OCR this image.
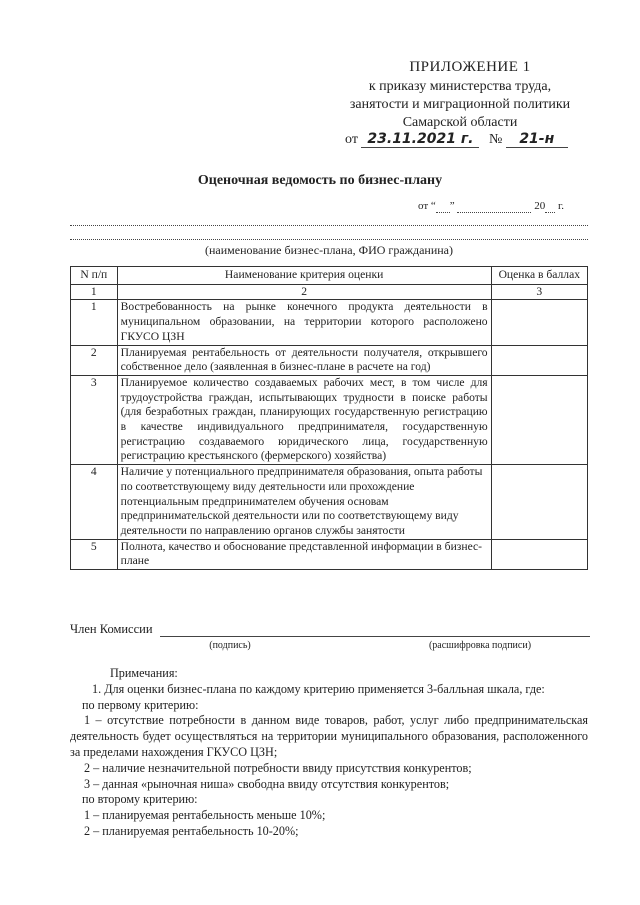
ПРИЛОЖЕНИЕ 1
к приказу министерства труда,
занятости и миграционной политики
Самарской области
от 23.11.2021 г. № 21-н
Оценочная ведомость по бизнес-плану
от “ ”	20 г.
(наименование бизнес-плана, ФИО гражданина)
N п/п	Наименование критерия оценки	Оценка в баллах
1	2	3
1	Востребованность на рынке конечного продукта деятельности в муниципальном образовании, на территории которого расположено ГКУСО ЦЗН	
2	Планируемая рентабельность от деятельности получателя, открывшего собственное дело (заявленная в бизнес-плане в расчете на год)	
3	Планируемое количество создаваемых рабочих мест, в том числе для трудоустройства граждан, испытывающих трудности в поиске работы (для безработных граждан, планирующих государственную регистрацию в качестве индивидуального предпринимателя, государственную регистрацию создаваемого юридического лица, государственную регистрацию крестьянского (фермерского) хозяйства)	
4	Наличие у потенциального предпринимателя образования, опыта работы по соответствующему виду деятельности или прохождение потенциальным предпринимателем обучения основам предпринимательской деятельности или по соответствующему виду деятельности по направлению органов службы занятости	
5	Полнота, качество и обоснование представленной информации в бизнес-плане	
Член Комиссии
(подпись)	(расшифровка подписи)

Примечания:

1. Для оценки бизнес-плана по каждому критерию применяется 3-балльная шкала, где:

по первому критерию:

1 – отсутствие потребности в данном виде товаров, работ, услуг либо предпринимательская деятельность будет осуществляться на территории муниципального образования, расположенного за пределами нахождения ГКУСО ЦЗН;

2 – наличие незначительной потребности ввиду присутствия конкурентов;

3 – данная «рыночная ниша» свободна ввиду отсутствия конкурентов;

по второму критерию:

1 – планируемая рентабельность меньше 10%;

2 – планируемая рентабельность 10-20%;
